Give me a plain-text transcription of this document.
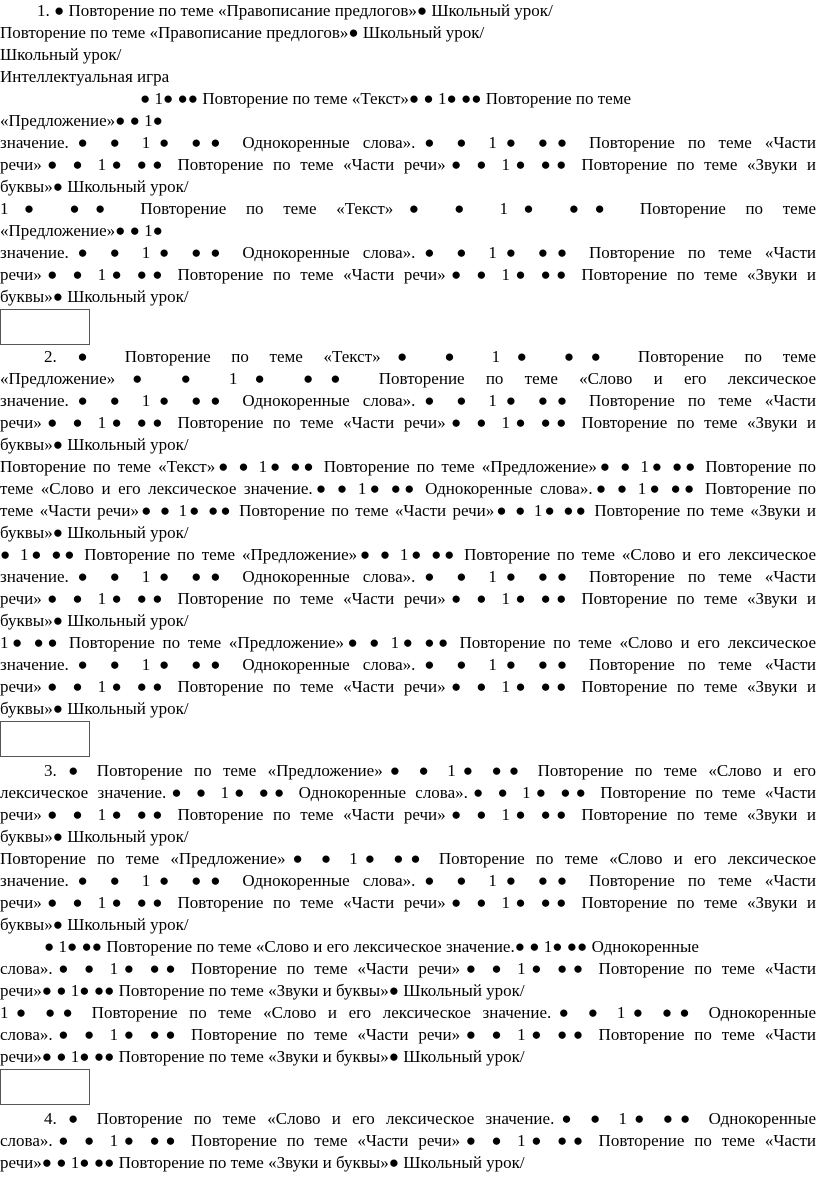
1. ● Повторение по теме «Правописание предлогов»● Школьный урок/
Повторение по теме «Правописание предлогов»● Школьный урок/
Школьный урок/
Интеллектуальная игра
● 1● ●● Повторение по теме «Текст»● ● 1● ●● Повторение по теме
«Предложение»● ● 1●
значение.● ● 1● ●● Однокоренные слова».● ● 1● ●● Повторение по теме «Части
речи»● ● 1● ●● Повторение по теме «Части речи»● ● 1● ●● Повторение по теме «Звуки и
буквы»● Школьный урок/
1● ●● Повторение по теме «Текст»● ● 1● ●● Повторение по теме
«Предложение»● ● 1●
значение.● ● 1● ●● Однокоренные слова».● ● 1● ●● Повторение по теме «Части
речи»● ● 1● ●● Повторение по теме «Части речи»● ● 1● ●● Повторение по теме «Звуки и
буквы»● Школьный урок/
2. ● Повторение по теме «Текст»● ● 1● ●● Повторение по теме
«Предложение»● ● 1● ●● Повторение по теме «Слово и его лексическое
значение.● ● 1● ●● Однокоренные слова».● ● 1● ●● Повторение по теме «Части
речи»● ● 1● ●● Повторение по теме «Части речи»● ● 1● ●● Повторение по теме «Звуки и
буквы»● Школьный урок/
Повторение по теме «Текст»● ● 1● ●● Повторение по теме «Предложение»● ● 1● ●● Повторение по
теме «Слово и его лексическое значение.● ● 1● ●● Однокоренные слова».● ● 1● ●● Повторение по
теме «Части речи»● ● 1● ●● Повторение по теме «Части речи»● ● 1● ●● Повторение по теме «Звуки и
буквы»● Школьный урок/
● 1● ●● Повторение по теме «Предложение»● ● 1● ●● Повторение по теме «Слово и его лексическое
значение.● ● 1● ●● Однокоренные слова».● ● 1● ●● Повторение по теме «Части
речи»● ● 1● ●● Повторение по теме «Части речи»● ● 1● ●● Повторение по теме «Звуки и
буквы»● Школьный урок/
1● ●● Повторение по теме «Предложение»● ● 1● ●● Повторение по теме «Слово и его лексическое
значение.● ● 1● ●● Однокоренные слова».● ● 1● ●● Повторение по теме «Части
речи»● ● 1● ●● Повторение по теме «Части речи»● ● 1● ●● Повторение по теме «Звуки и
буквы»● Школьный урок/
3. ● Повторение по теме «Предложение»● ● 1● ●● Повторение по теме «Слово и его
лексическое значение.● ● 1● ●● Однокоренные слова».● ● 1● ●● Повторение по теме «Части
речи»● ● 1● ●● Повторение по теме «Части речи»● ● 1● ●● Повторение по теме «Звуки и
буквы»● Школьный урок/
Повторение по теме «Предложение»● ● 1● ●● Повторение по теме «Слово и его лексическое
значение.● ● 1● ●● Однокоренные слова».● ● 1● ●● Повторение по теме «Части
речи»● ● 1● ●● Повторение по теме «Части речи»● ● 1● ●● Повторение по теме «Звуки и
буквы»● Школьный урок/
● 1● ●● Повторение по теме «Слово и его лексическое значение.● ● 1● ●● Однокоренные
слова».● ● 1● ●● Повторение по теме «Части речи»● ● 1● ●● Повторение по теме «Части
речи»● ● 1● ●● Повторение по теме «Звуки и буквы»● Школьный урок/
1● ●● Повторение по теме «Слово и его лексическое значение.● ● 1● ●● Однокоренные
слова».● ● 1● ●● Повторение по теме «Части речи»● ● 1● ●● Повторение по теме «Части
речи»● ● 1● ●● Повторение по теме «Звуки и буквы»● Школьный урок/
4. ● Повторение по теме «Слово и его лексическое значение.● ● 1● ●● Однокоренные
слова».● ● 1● ●● Повторение по теме «Части речи»● ● 1● ●● Повторение по теме «Части
речи»● ● 1● ●● Повторение по теме «Звуки и буквы»● Школьный урок/
